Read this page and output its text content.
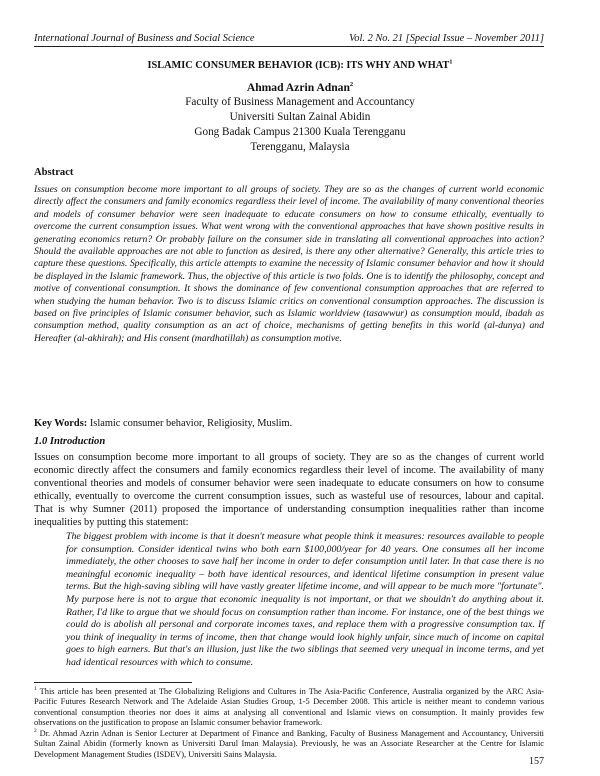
International Journal of Business and Social Science	Vol. 2 No. 21 [Special Issue – November 2011]
ISLAMIC CONSUMER BEHAVIOR (ICB): ITS WHY AND WHAT$^1$
Ahmad Azrin Adnan$^2$
Faculty of Business Management and Accountancy
Universiti Sultan Zainal Abidin
Gong Badak Campus 21300 Kuala Terengganu
Terengganu, Malaysia
Abstract
Issues on consumption become more important to all groups of society. They are so as the changes of current world economic directly affect the consumers and family economics regardless their level of income. The availability of many conventional theories and models of consumer behavior were seen inadequate to educate consumers on how to consume ethically, eventually to overcome the current consumption issues. What went wrong with the conventional approaches that have shown positive results in generating economics return? Or probably failure on the consumer side in translating all conventional approaches into action? Should the available approaches are not able to function as desired, is there any other alternative? Generally, this article tries to capture these questions. Specifically, this article attempts to examine the necessity of Islamic consumer behavior and how it should be displayed in the Islamic framework. Thus, the objective of this article is two folds. One is to identify the philosophy, concept and motive of conventional consumption. It shows the dominance of few conventional consumption approaches that are referred to when studying the human behavior. Two is to discuss Islamic critics on conventional consumption approaches. The discussion is based on five principles of Islamic consumer behavior, such as Islamic worldview (tasawwur) as consumption mould, ibadah as consumption method, quality consumption as an act of choice, mechanisms of getting benefits in this world (al-dunya) and Hereafter (al-akhirah); and His consent (mardhatillah) as consumption motive.
Key Words: Islamic consumer behavior, Religiosity, Muslim.
1.0 Introduction
Issues on consumption become more important to all groups of society. They are so as the changes of current world economic directly affect the consumers and family economics regardless their level of income. The availability of many conventional theories and models of consumer behavior were seen inadequate to educate consumers on how to consume ethically, eventually to overcome the current consumption issues, such as wasteful use of resources, labour and capital. That is why Sumner (2011) proposed the importance of understanding consumption inequalities rather than income inequalities by putting this statement:
The biggest problem with income is that it doesn't measure what people think it measures: resources available to people for consumption. Consider identical twins who both earn $100,000/year for 40 years. One consumes all her income immediately, the other chooses to save half her income in order to defer consumption until later. In that case there is no meaningful economic inequality – both have identical resources, and identical lifetime consumption in present value terms. But the high-saving sibling will have vastly greater lifetime income, and will appear to be much more "fortunate". My purpose here is not to argue that economic inequality is not important, or that we shouldn't do anything about it. Rather, I'd like to argue that we should focus on consumption rather than income. For instance, one of the best things we could do is abolish all personal and corporate incomes taxes, and replace them with a progressive consumption tax. If you think of inequality in terms of income, then that change would look highly unfair, since much of income on capital goes to high earners. But that's an illusion, just like the two siblings that seemed very unequal in income terms, and yet had identical resources with which to consume.
$^1$ This article has been presented at The Globalizing Religions and Cultures in The Asia-Pacific Conference, Australia organized by the ARC Asia-Pacific Futures Research Network and The Adelaide Asian Studies Group, 1-5 December 2008. This article is neither meant to condemn various conventional consumption theories nor does it aims at analysing all conventional and Islamic views on consumption. It mainly provides few observations on the justification to propose an Islamic consumer behavior framework.
$^2$ Dr. Ahmad Azrin Adnan is Senior Lecturer at Department of Finance and Banking, Faculty of Business Management and Accountancy, Universiti Sultan Zainal Abidin (formerly known as Universiti Darul Iman Malaysia). Previously, he was an Associate Researcher at the Centre for Islamic Development Management Studies (ISDEV), Universiti Sains Malaysia.
157
